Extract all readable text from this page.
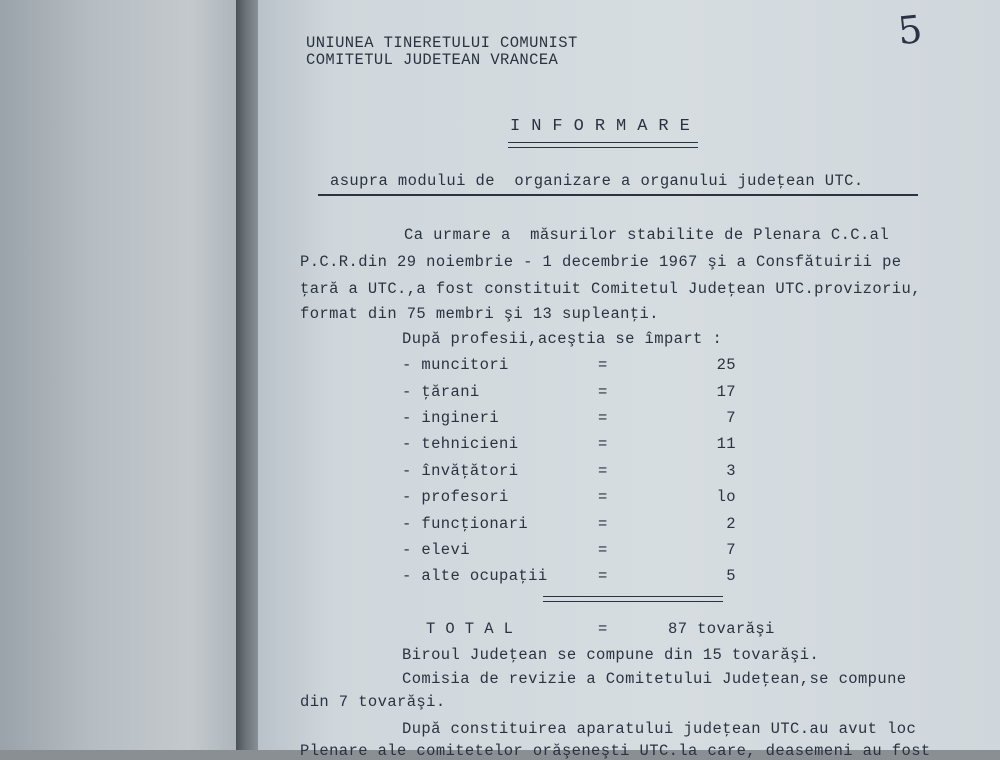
UNIUNEA TINERETULUI COMUNIST
COMITETUL JUDETEAN VRANCEA
5
I N F O R M A R E
asupra modului de  organizare a organului judeţean UTC.
Ca urmare a  măsurilor stabilite de Plenara C.C.al
P.C.R.din 29 noiembrie - 1 decembrie 1967 şi a Consfătuirii pe
ţară a UTC.,a fost constituit Comitetul Judeţean UTC.provizoriu,
format din 75 membri şi 13 supleanţi.
După profesii,aceştia se împart :
- muncitori	=	25
- ţărani	=	17
- ingineri	=	7
- tehnicieni	=	11
- învăţători	=	3
- profesori	=	lo
- funcţionari	=	2
- elevi	=	7
- alte ocupaţii	=	5
T O T A L	=	87 tovarăşi
Biroul Judeţean se compune din 15 tovarăşi.
Comisia de revizie a Comitetului Judeţean,se compune
din 7 tovarăşi.
După constituirea aparatului judeţean UTC.au avut loc
Plenare ale comitetelor orăşeneşti UTC.la care, deasemeni au fost
